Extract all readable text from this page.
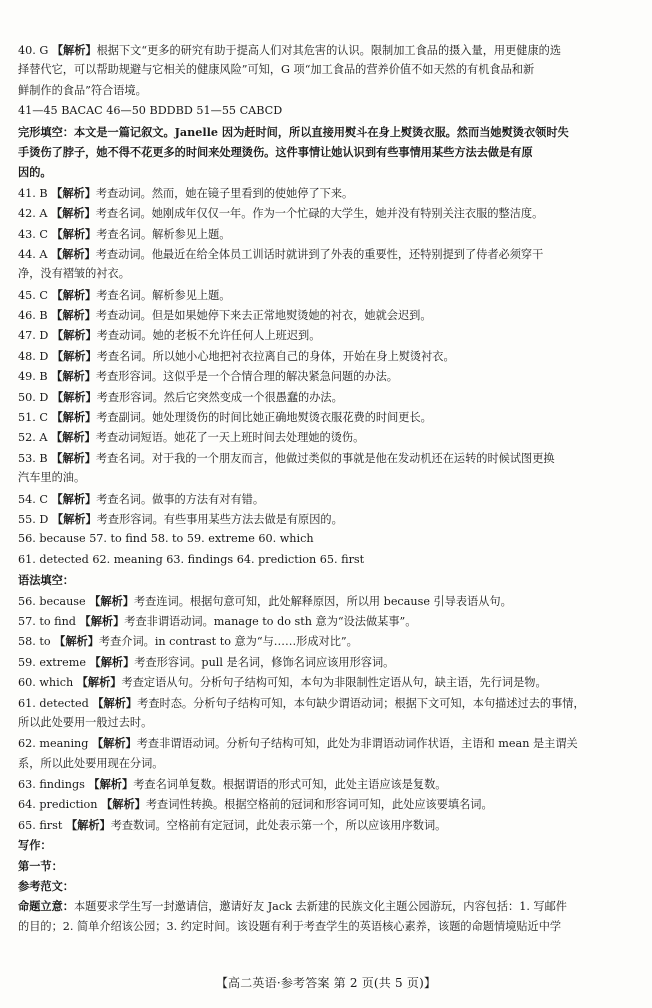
40. G 【解析】根据下文“更多的研究有助于提高人们对其危害的认识。限制加工食品的摄入量，用更健康的选
择替代它，可以帮助规避与它相关的健康风险”可知，G 项“加工食品的营养价值不如天然的有机食品和新
鲜制作的食品”符合语境。
41—45 BACAC 46—50 BDDBD 51—55 CABCD
完形填空：本文是一篇记叙文。Janelle 因为赶时间，所以直接用熨斗在身上熨烫衣服。然而当她熨烫衣领时失
手烫伤了脖子，她不得不花更多的时间来处理烫伤。这件事情让她认识到有些事情用某些方法去做是有原
因的。
41. B 【解析】考查动词。然而，她在镜子里看到的使她停了下来。
42. A 【解析】考查名词。她刚成年仅仅一年。作为一个忙碌的大学生，她并没有特别关注衣服的整洁度。
43. C 【解析】考查名词。解析参见上题。
44. A 【解析】考查动词。他最近在给全体员工训话时就讲到了外表的重要性，还特别提到了侍者必须穿干
净，没有褶皱的衬衣。
45. C 【解析】考查名词。解析参见上题。
46. B 【解析】考查动词。但是如果她停下来去正常地熨烫她的衬衣，她就会迟到。
47. D 【解析】考查动词。她的老板不允许任何人上班迟到。
48. D 【解析】考查名词。所以她小心地把衬衣拉离自己的身体，开始在身上熨烫衬衣。
49. B 【解析】考查形容词。这似乎是一个合情合理的解决紧急问题的办法。
50. D 【解析】考查形容词。然后它突然变成一个很愚蠢的办法。
51. C 【解析】考查副词。她处理烫伤的时间比她正确地熨烫衣服花费的时间更长。
52. A 【解析】考查动词短语。她花了一天上班时间去处理她的烫伤。
53. B 【解析】考查名词。对于我的一个朋友而言，他做过类似的事就是他在发动机还在运转的时候试图更换
汽车里的油。
54. C 【解析】考查名词。做事的方法有对有错。
55. D 【解析】考查形容词。有些事用某些方法去做是有原因的。
56. because 57. to find 58. to 59. extreme 60. which
61. detected 62. meaning 63. findings 64. prediction 65. first
语法填空：
56. because 【解析】考查连词。根据句意可知，此处解释原因，所以用 because 引导表语从句。
57. to find 【解析】考查非谓语动词。manage to do sth 意为“设法做某事”。
58. to 【解析】考查介词。in contrast to 意为“与……形成对比”。
59. extreme 【解析】考查形容词。pull 是名词，修饰名词应该用形容词。
60. which 【解析】考查定语从句。分析句子结构可知，本句为非限制性定语从句，缺主语，先行词是物。
61. detected 【解析】考查时态。分析句子结构可知，本句缺少谓语动词；根据下文可知，本句描述过去的事情，
所以此处要用一般过去时。
62. meaning 【解析】考查非谓语动词。分析句子结构可知，此处为非谓语动词作状语，主语和 mean 是主谓关
系，所以此处要用现在分词。
63. findings 【解析】考查名词单复数。根据谓语的形式可知，此处主语应该是复数。
64. prediction 【解析】考查词性转换。根据空格前的冠词和形容词可知，此处应该要填名词。
65. first 【解析】考查数词。空格前有定冠词，此处表示第一个，所以应该用序数词。
写作：
第一节：
参考范文：
命题立意：本题要求学生写一封邀请信，邀请好友 Jack 去新建的民族文化主题公园游玩，内容包括：1. 写邮件
的目的；2. 简单介绍该公园；3. 约定时间。该设题有利于考查学生的英语核心素养，该题的命题情境贴近中学
【高二英语·参考答案 第 2 页(共 5 页)】
